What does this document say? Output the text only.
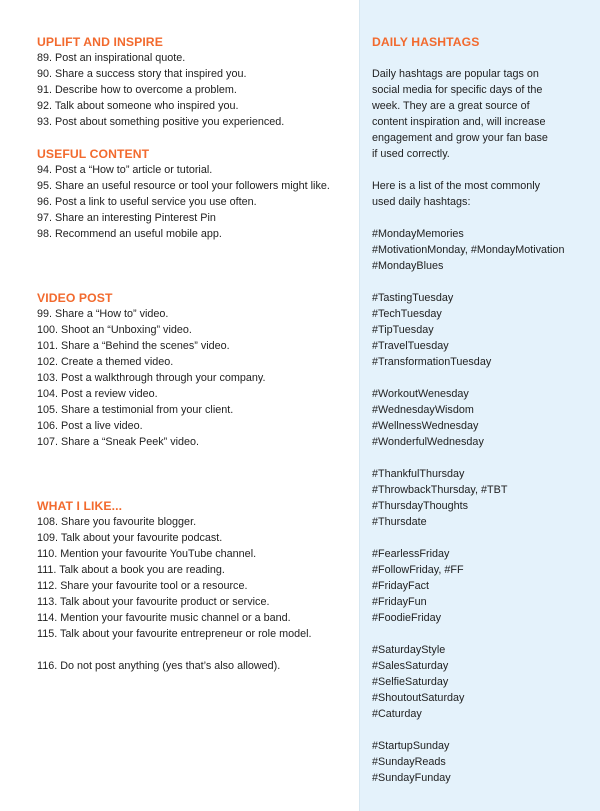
UPLIFT AND INSPIRE
89. Post an inspirational quote.
90. Share a success story that inspired you.
91. Describe how to overcome a problem.
92. Talk about someone who inspired you.
93. Post about something positive you experienced.
USEFUL CONTENT
94. Post a “How to” article or tutorial.
95. Share an useful resource or tool your followers might like.
96. Post a link to useful service you use often.
97. Share an interesting Pinterest Pin
98. Recommend an useful mobile app.
VIDEO POST
99. Share a “How to” video.
100. Shoot an “Unboxing” video.
101. Share a “Behind the scenes” video.
102. Create a themed video.
103. Post a walkthrough through your company.
104. Post a review video.
105. Share a testimonial from your client.
106. Post a live video.
107. Share a “Sneak Peek” video.
WHAT I LIKE...
108. Share you favourite blogger.
109. Talk about your favourite podcast.
110. Mention your favourite YouTube channel.
111. Talk about a book you are reading.
112. Share your favourite tool or a resource.
113. Talk about your favourite product or service.
114. Mention your favourite music channel or a band.
115. Talk about your favourite entrepreneur or role model.
116. Do not post anything (yes that’s also allowed).
DAILY HASHTAGS
Daily hashtags are popular tags on
social media for specific days of the
week. They are a great source of
content inspiration and, will increase
engagement and grow your fan base
if used correctly.
Here is a list of the most commonly
used daily hashtags:
#MondayMemories
#MotivationMonday, #MondayMotivation
#MondayBlues
#TastingTuesday
#TechTuesday
#TipTuesday
#TravelTuesday
#TransformationTuesday
#WorkoutWenesday
#WednesdayWisdom
#WellnessWednesday
#WonderfulWednesday
#ThankfulThursday
#ThrowbackThursday, #TBT
#ThursdayThoughts
#Thursdate
#FearlessFriday
#FollowFriday, #FF
#FridayFact
#FridayFun
#FoodieFriday
#SaturdayStyle
#SalesSaturday
#SelfieSaturday
#ShoutoutSaturday
#Caturday
#StartupSunday
#SundayReads
#SundayFunday
